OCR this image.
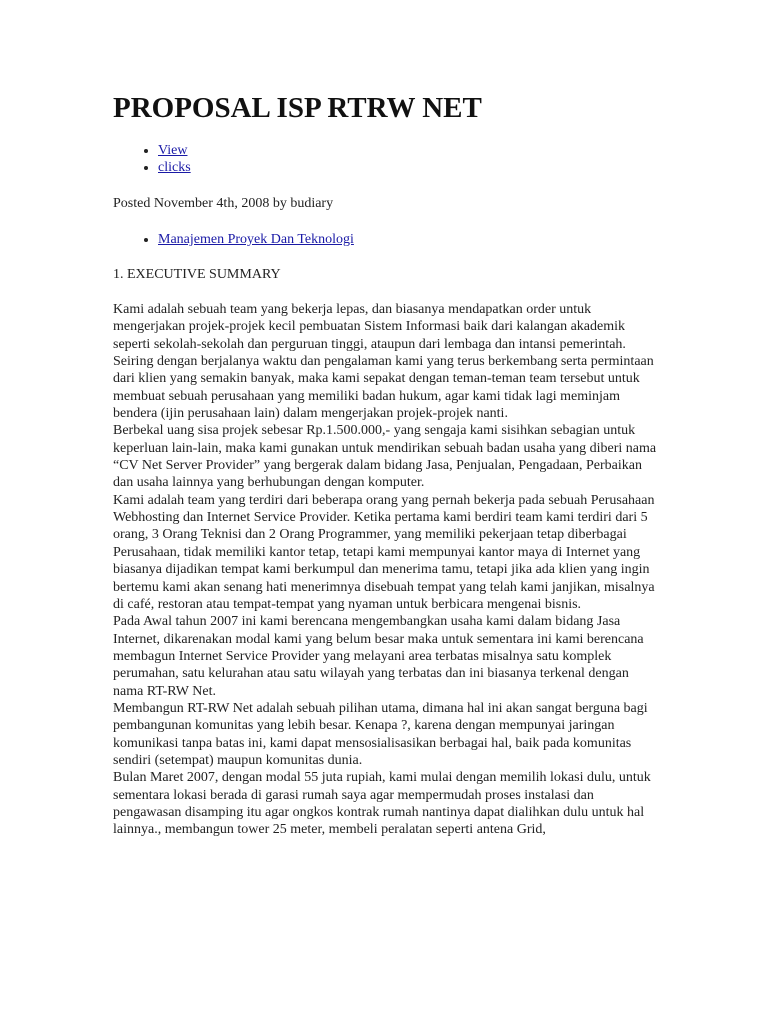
PROPOSAL ISP RTRW NET
• View
• clicks
Posted November 4th, 2008 by budiary
• Manajemen Proyek Dan Teknologi
1. EXECUTIVE SUMMARY

Kami adalah sebuah team yang bekerja lepas, dan biasanya mendapatkan order untuk mengerjakan projek-projek kecil pembuatan Sistem Informasi baik dari kalangan akademik seperti sekolah-sekolah dan perguruan tinggi, ataupun dari lembaga dan intansi pemerintah.

Seiring dengan berjalanya waktu dan pengalaman kami yang terus berkembang serta permintaan dari klien yang semakin banyak, maka kami sepakat dengan teman-teman team tersebut untuk membuat sebuah perusahaan yang memiliki badan hukum, agar kami tidak lagi meminjam bendera (ijin perusahaan lain) dalam mengerjakan projek-projek nanti.

Berbekal uang sisa projek sebesar Rp.1.500.000,- yang sengaja kami sisihkan sebagian untuk keperluan lain-lain, maka kami gunakan untuk mendirikan sebuah badan usaha yang diberi nama “CV Net Server Provider” yang bergerak dalam bidang Jasa, Penjualan, Pengadaan, Perbaikan dan usaha lainnya yang berhubungan dengan komputer.

Kami adalah team yang terdiri dari beberapa orang yang pernah bekerja pada sebuah Perusahaan Webhosting dan Internet Service Provider. Ketika pertama kami berdiri team kami terdiri dari 5 orang, 3 Orang Teknisi dan 2 Orang Programmer, yang memiliki pekerjaan tetap diberbagai Perusahaan, tidak memiliki kantor tetap, tetapi kami mempunyai kantor maya di Internet yang biasanya dijadikan tempat kami berkumpul dan menerima tamu, tetapi jika ada klien yang ingin bertemu kami akan senang hati menerimnya disebuah tempat yang telah kami janjikan, misalnya di café, restoran atau tempat-tempat yang nyaman untuk berbicara mengenai bisnis.

Pada Awal tahun 2007 ini kami berencana mengembangkan usaha kami dalam bidang Jasa Internet, dikarenakan modal kami yang belum besar maka untuk sementara ini kami berencana membagun Internet Service Provider yang melayani area terbatas misalnya satu komplek perumahan, satu kelurahan atau satu wilayah yang terbatas dan ini biasanya terkenal dengan nama RT-RW Net.

Membangun RT-RW Net adalah sebuah pilihan utama, dimana hal ini akan sangat berguna bagi pembangunan komunitas yang lebih besar. Kenapa ?, karena dengan mempunyai jaringan komunikasi tanpa batas ini, kami dapat mensosialisasikan berbagai hal, baik pada komunitas sendiri (setempat) maupun komunitas dunia.

Bulan Maret 2007, dengan modal 55 juta rupiah, kami mulai dengan memilih lokasi dulu, untuk sementara lokasi berada di garasi rumah saya agar mempermudah proses instalasi dan pengawasan disamping itu agar ongkos kontrak rumah nantinya dapat dialihkan dulu untuk hal lainnya., membangun tower 25 meter, membeli peralatan seperti antena Grid,
